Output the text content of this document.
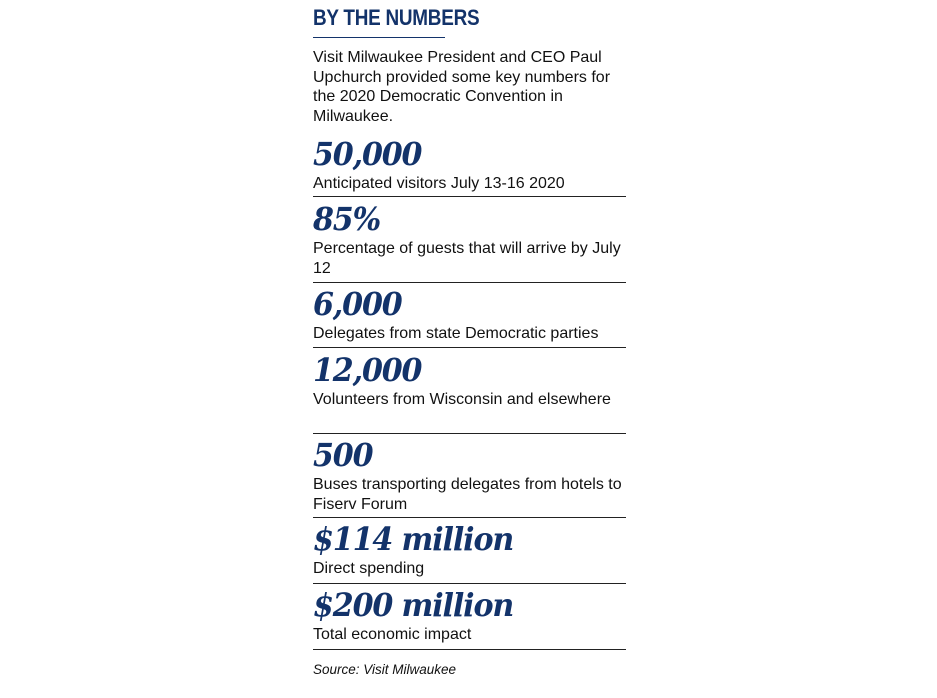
BY THE NUMBERS
Visit Milwaukee President and CEO Paul Upchurch provided some key numbers for the 2020 Democratic Convention in Milwaukee.
50,000
Anticipated visitors July 13-16 2020
85%
Percentage of guests that will arrive by July 12
6,000
Delegates from state Democratic parties
12,000
Volunteers from Wisconsin and elsewhere
500
Buses transporting delegates from hotels to Fiserv Forum
$114 million
Direct spending
$200 million
Total economic impact
Source: Visit Milwaukee
